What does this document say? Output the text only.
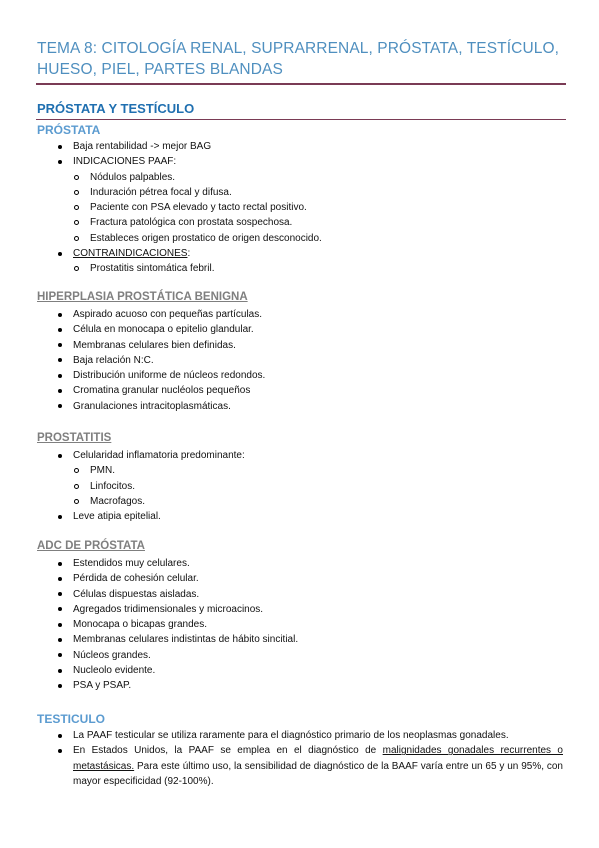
TEMA 8: CITOLOGÍA RENAL, SUPRARRENAL, PRÓSTATA, TESTÍCULO, HUESO, PIEL, PARTES BLANDAS
PRÓSTATA Y TESTÍCULO
PRÓSTATA
Baja rentabilidad -> mejor BAG
INDICACIONES PAAF:
Nódulos palpables.
Induración pétrea focal y difusa.
Paciente con PSA elevado y tacto rectal positivo.
Fractura patológica con prostata sospechosa.
Estableces origen prostatico de origen desconocido.
CONTRAINDICACIONES:
Prostatitis sintomática febril.
HIPERPLASIA PROSTÁTICA BENIGNA
Aspirado acuoso con pequeñas partículas.
Célula en monocapa o epitelio glandular.
Membranas celulares bien definidas.
Baja relación N:C.
Distribución uniforme de núcleos redondos.
Cromatina granular nucléolos pequeños
Granulaciones intracitoplasmáticas.
PROSTATITIS
Celularidad inflamatoria predominante:
PMN.
Linfocitos.
Macrofagos.
Leve atipia epitelial.
ADC DE PRÓSTATA
Estendidos muy celulares.
Pérdida de cohesión celular.
Células dispuestas aisladas.
Agregados tridimensionales y microacinos.
Monocapa o bicapas grandes.
Membranas celulares indistintas de hábito sincitial.
Núcleos grandes.
Nucleolo evidente.
PSA y PSAP.
TESTICULO
La PAAF testicular se utiliza raramente para el diagnóstico primario de los neoplasmas gonadales.
En Estados Unidos, la PAAF se emplea en el diagnóstico de malignidades gonadales recurrentes o metastásicas. Para este último uso, la sensibilidad de diagnóstico de la BAAF varía entre un 65 y un 95%, con mayor especificidad (92-100%).
